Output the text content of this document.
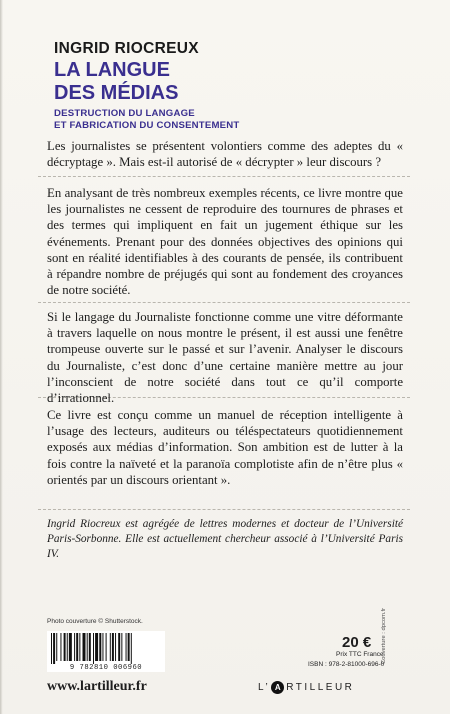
INGRID RIOCREUX
LA LANGUE
DES MÉDIAS
DESTRUCTION DU LANGAGE
ET FABRICATION DU CONSENTEMENT

Les journalistes se présentent volontiers comme des adeptes du « décryptage ». Mais est-il autorisé de « décrypter » leur discours ?

En analysant de très nombreux exemples récents, ce livre montre que les journalistes ne cessent de reproduire des tournures de phrases et des termes qui impliquent en fait un jugement éthique sur les événements. Prenant pour des données objectives des opinions qui sont en réalité identifiables à des courants de pensée, ils contribuent à répandre nombre de préjugés qui sont au fondement des croyances de notre société.

Si le langage du Journaliste fonctionne comme une vitre déformante à travers laquelle on nous montre le présent, il est aussi une fenêtre trompeuse ouverte sur le passé et sur l’avenir. Analyser le discours du Journaliste, c’est donc d’une certaine manière mettre au jour l’inconscient de notre société dans tout ce qu’il comporte d’irrationnel.

Ce livre est conçu comme un manuel de réception intelligente à l’usage des lecteurs, auditeurs ou téléspectateurs quotidiennement exposés aux médias d’information. Son ambition est de lutter à la fois contre la naïveté et la paranoïa complotiste afin de n’être plus « orientés par un discours orientant ».

Ingrid Riocreux est agrégée de lettres modernes et docteur de l’Université Paris-Sorbonne. Elle est actuellement chercheur associé à l’Université Paris IV.

Photo couverture © Shutterstock.
9 782810 006960
20 €
Prix TTC France
ISBN : 978-2-81000-696-0
Couverture : dpcom.fr
www.lartilleur.fr	L’ A RTILLEUR
